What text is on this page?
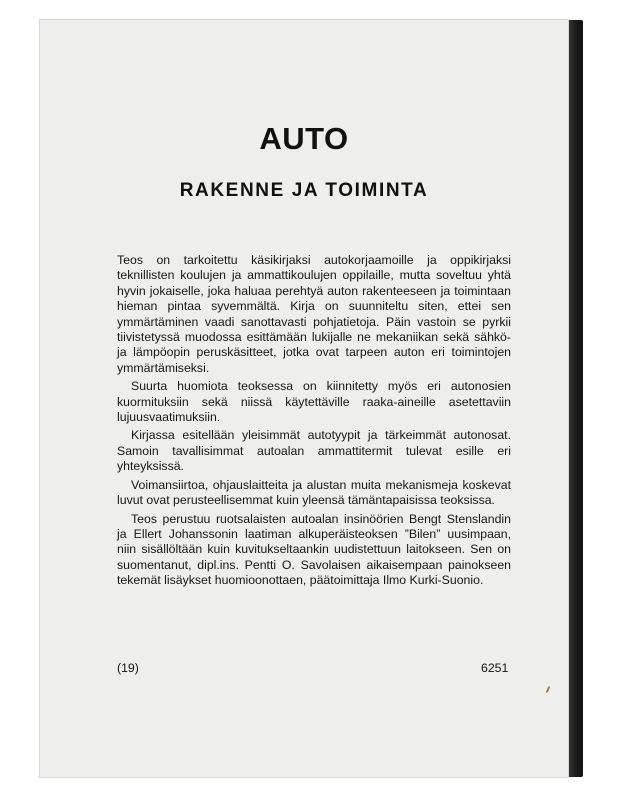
AUTO
RAKENNE JA TOIMINTA

Teos on tarkoitettu käsikirjaksi autokorjaamoille ja oppikirjaksi teknillisten koulujen ja ammattikoulujen oppilaille, mutta soveltuu yhtä hyvin jokaiselle, joka haluaa perehtyä auton rakenteeseen ja toimintaan hieman pintaa syvemmältä. Kirja on suunniteltu siten, ettei sen ymmärtäminen vaadi sanottavasti pohjatietoja. Päin vastoin se pyrkii tiivistetyssä muodossa esittämään lukijalle ne mekaniikan sekä sähkö- ja lämpöopin peruskäsitteet, jotka ovat tarpeen auton eri toimintojen ymmärtämiseksi.

Suurta huomiota teoksessa on kiinnitetty myös eri autonosien kuormituksiin sekä niissä käytettäville raaka-aineille asetettaviin lujuusvaatimuksiin.

Kirjassa esitellään yleisimmät autotyypit ja tärkeimmät autonosat. Samoin tavallisimmat autoalan ammattitermit tulevat esille eri yhteyksissä.

Voimansiirtoa, ohjauslaitteita ja alustan muita mekanismeja koskevat luvut ovat perusteellisemmat kuin yleensä tämäntapaisissa teoksissa.

Teos perustuu ruotsalaisten autoalan insinöörien Bengt Stenslandin ja Ellert Johanssonin laatiman alkuperäisteoksen ”Bilen” uusimpaan, niin sisällöltään kuin kuvitukseltaankin uudistettuun laitokseen. Sen on suomentanut, dipl.ins. Pentti O. Savolaisen aikaisempaan painokseen tekemät lisäykset huomioonottaen, päätoimittaja Ilmo Kurki-Suonio.

(19)	6251
